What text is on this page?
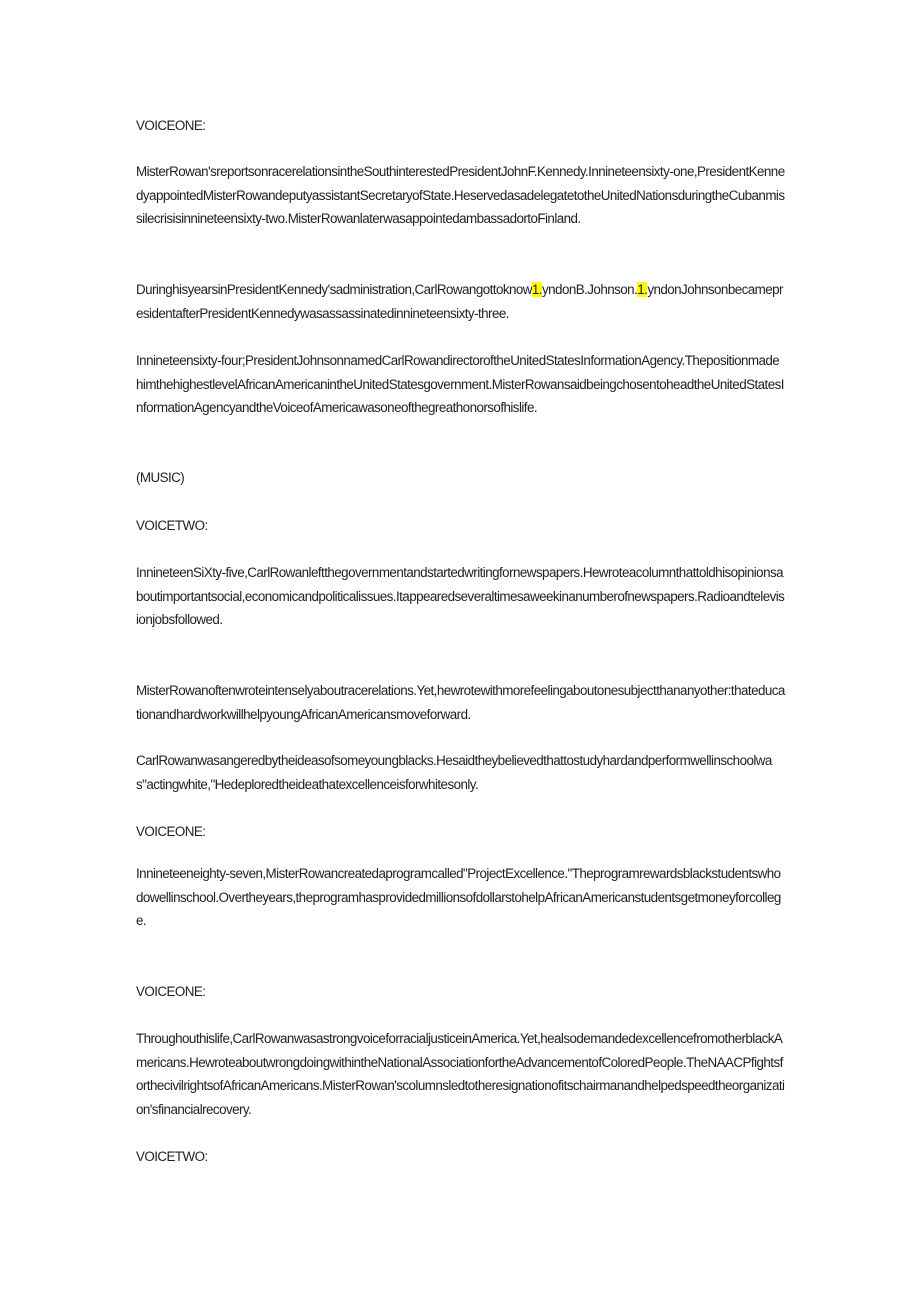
VOICEONE:

MisterRowan'sreportsonracerelationsintheSouthinterestedPresidentJohnF.Kennedy.Innineteensixty-one,PresidentKennedyappointedMisterRowandeputyassistantSecretaryofState.HeservedasadelegatetotheUnitedNationsduringtheCubanmissilecrisisinnineteensixty-two.MisterRowanlaterwasappointedambassadortoFinland.

DuringhisyearsinPresidentKennedy'sadministration,CarlRowangottoknow1.yndonB.Johnson.1.yndonJohnsonbecamepresidentafterPresidentKennedywasassassinatedinnineteensixty-three.

Innineteensixty-four;PresidentJohnsonnamedCarlRowandirectoroftheUnitedStatesInformationAgency.ThepositionmadehimthehighestlevelAfricanAmericanintheUnitedStatesgovernment.MisterRowansaidbeingchosentoheadtheUnitedStatesInformationAgencyandtheVoiceofAmericawasoneofthegreathonorsofhislife.

(MUSIC)

VOICETWO:

InnineteenSiXty-five,CarlRowanleftthegovernmentandstartedwritingfornewspapers.Hewroteacolumnthattoldhisopinionsaboutimportantsocial,economicandpoliticalissues.Itappearedseveraltimesaweekinanumberofnewspapers.Radioandtelevisionjobsfollowed.

MisterRowanoftenwroteintenselyaboutracerelations.Yet,hewrotewithmorefeelingaboutonesubjectthananyother:thateducationandhardworkwillhelpyoungAfricanAmericansmoveforward.

CarlRowanwasangeredbytheideasofsomeyoungblacks.Hesaidtheybelievedthattostudyhardandperformwellinschoolwas"actingwhite,"Hedeploredtheideathatexcellenceisforwhitesonly.

VOICEONE:

Innineteeneighty-seven,MisterRowancreatedaprogramcalled"ProjectExcellence."Theprogramrewardsblackstudentswhodowellinschool.Overtheyears,theprogramhasprovidedmillionsofdollarstohelpAfricanAmericanstudentsgetmoneyforcollege.

VOICEONE:

Throughouthislife,CarlRowanwasastrongvoiceforracialjusticeinAmerica.Yet,healsodemandedexcellencefromotherblackAmericans.HewroteaboutwrongdoingwithintheNationalAssociationfortheAdvancementofColoredPeople.TheNAACPfightsforthecivilrightsofAfricanAmericans.MisterRowan'scolumnsledtotheresignationofitschairmanandhelpedspeedtheorganization'sfinancialrecovery.

VOICETWO:
